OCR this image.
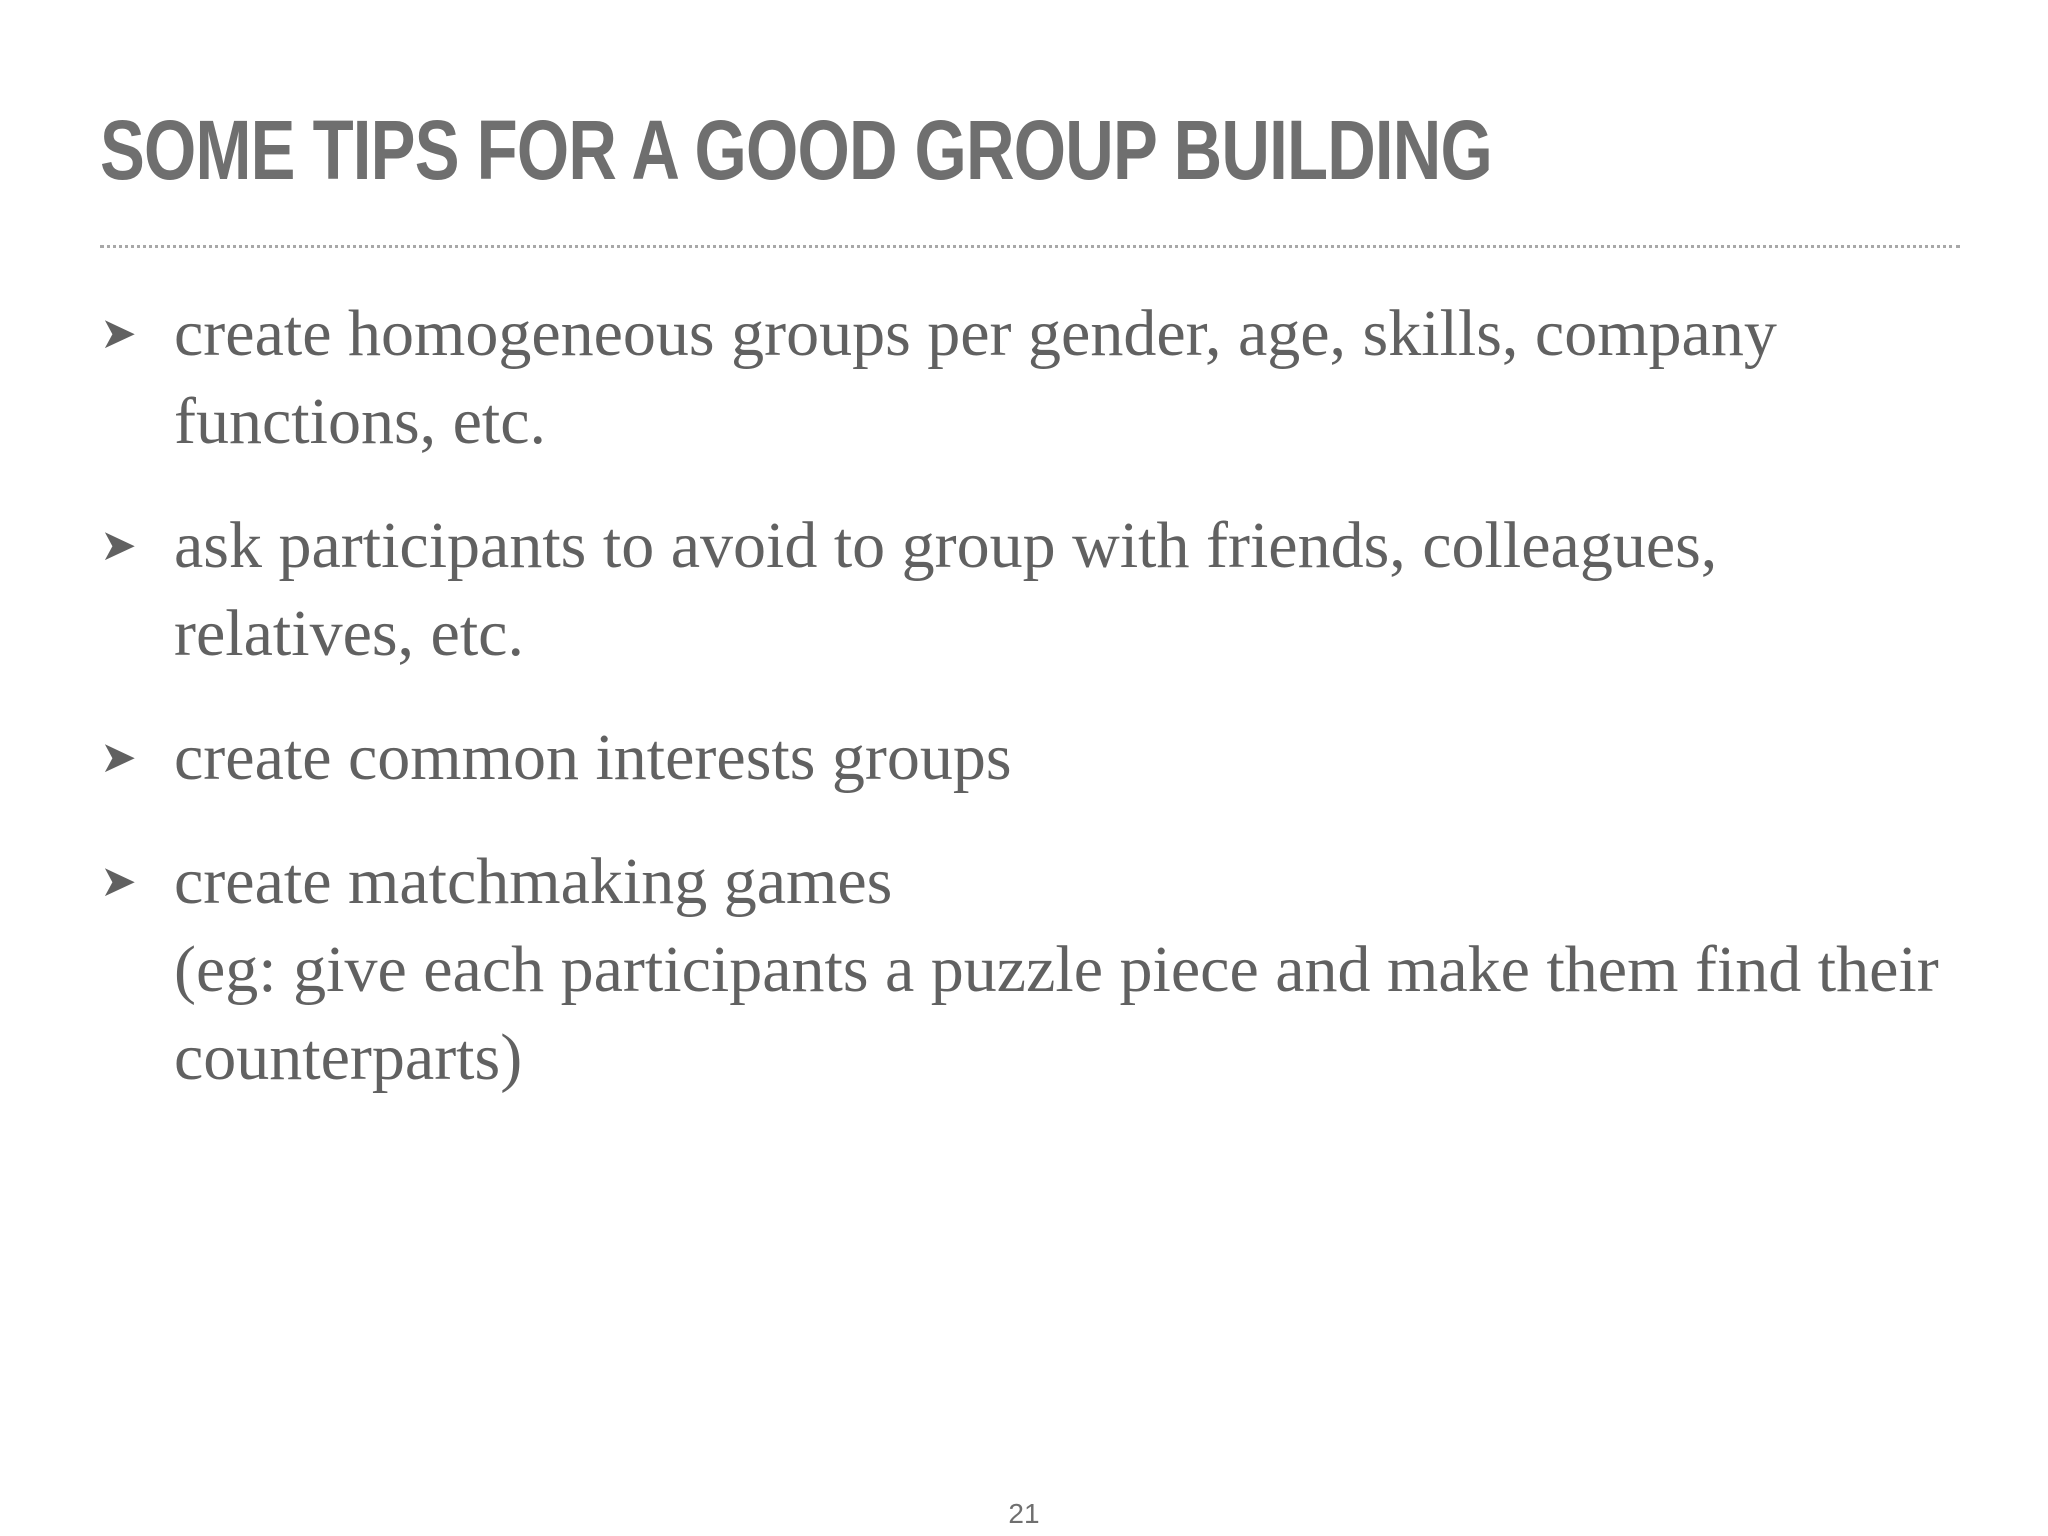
SOME TIPS FOR A GOOD GROUP BUILDING
➤ create homogeneous groups per gender, age, skills, company functions, etc.
➤ ask participants to avoid to group with friends, colleagues, relatives, etc.
➤ create common interests groups
➤ create matchmaking games
(eg: give each participants a puzzle piece and make them find their counterparts)
21
